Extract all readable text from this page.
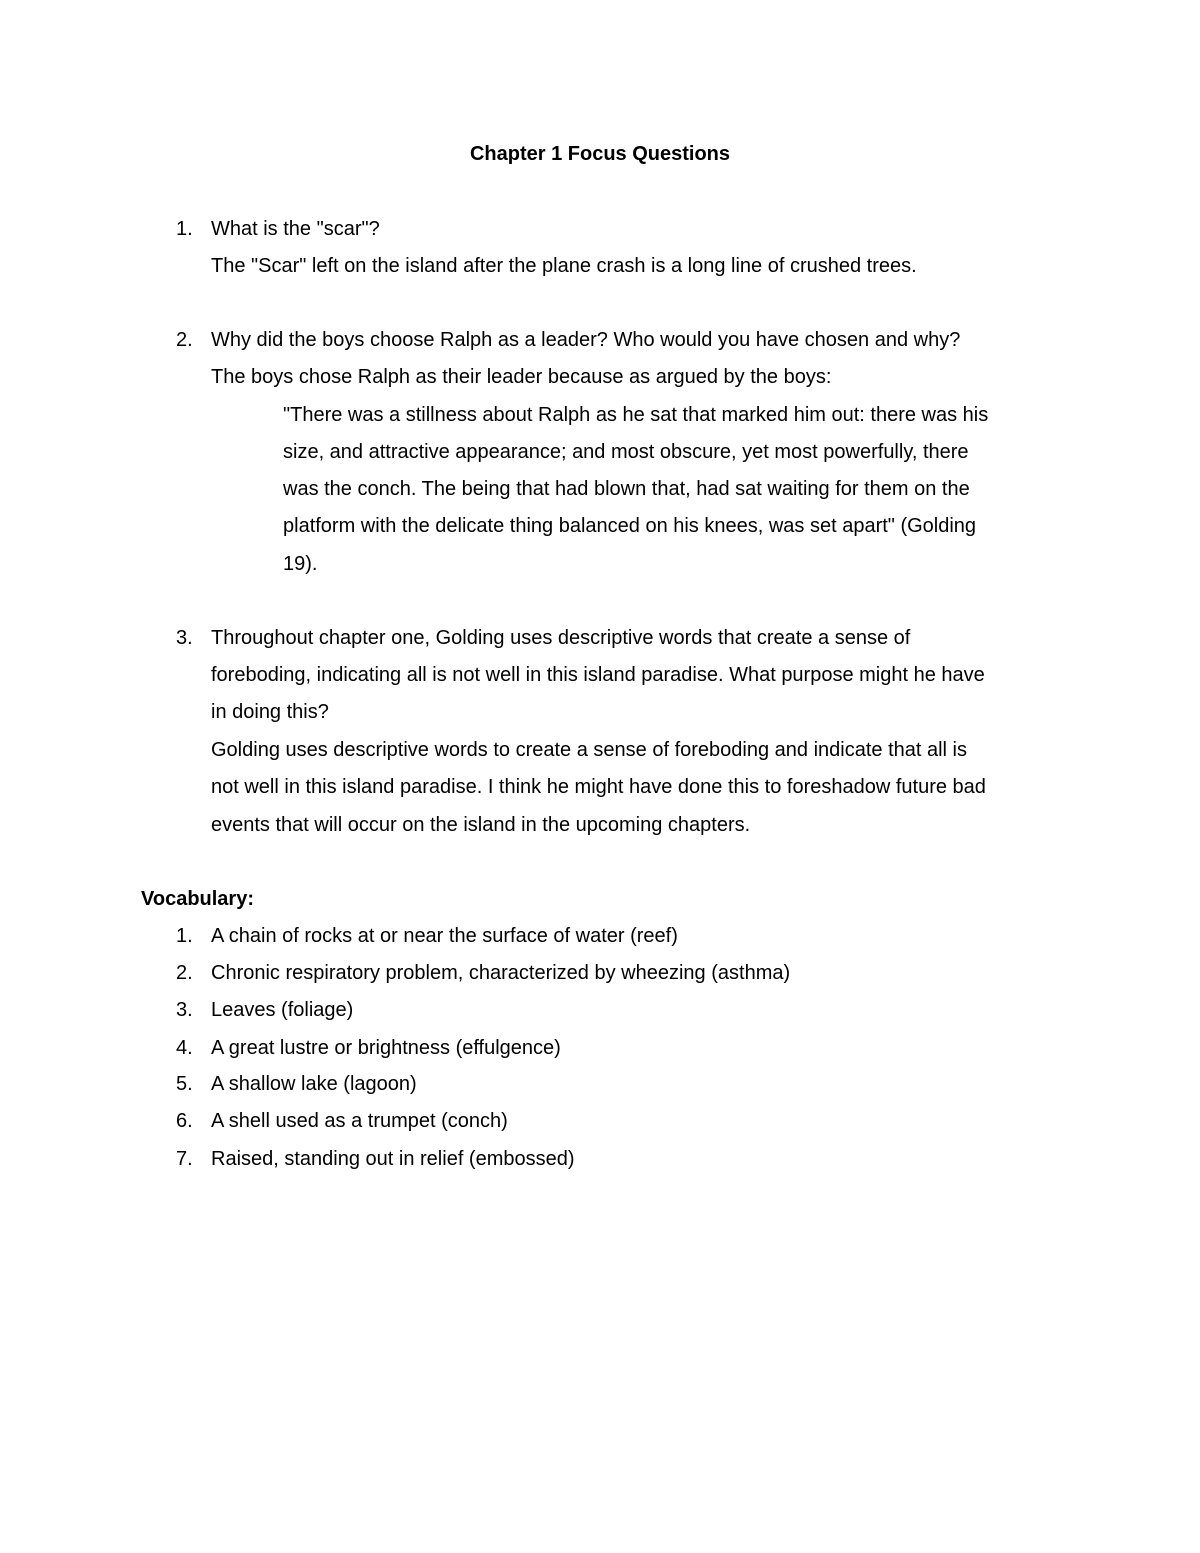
Chapter 1 Focus Questions
1. What is the "scar"?
The "Scar" left on the island after the plane crash is a long line of crushed trees.
2. Why did the boys choose Ralph as a leader? Who would you have chosen and why?
The boys chose Ralph as their leader because as argued by the boys:
"There was a stillness about Ralph as he sat that marked him out: there was his
size, and attractive appearance; and most obscure, yet most powerfully, there
was the conch. The being that had blown that, had sat waiting for them on the
platform with the delicate thing balanced on his knees, was set apart" (Golding
19).
3. Throughout chapter one, Golding uses descriptive words that create a sense of
foreboding, indicating all is not well in this island paradise. What purpose might he have
in doing this?
Golding uses descriptive words to create a sense of foreboding and indicate that all is
not well in this island paradise. I think he might have done this to foreshadow future bad
events that will occur on the island in the upcoming chapters.
Vocabulary:
1. A chain of rocks at or near the surface of water (reef)
2. Chronic respiratory problem, characterized by wheezing (asthma)
3. Leaves (foliage)
4. A great lustre or brightness (effulgence)
5. A shallow lake (lagoon)
6. A shell used as a trumpet (conch)
7. Raised, standing out in relief (embossed)
